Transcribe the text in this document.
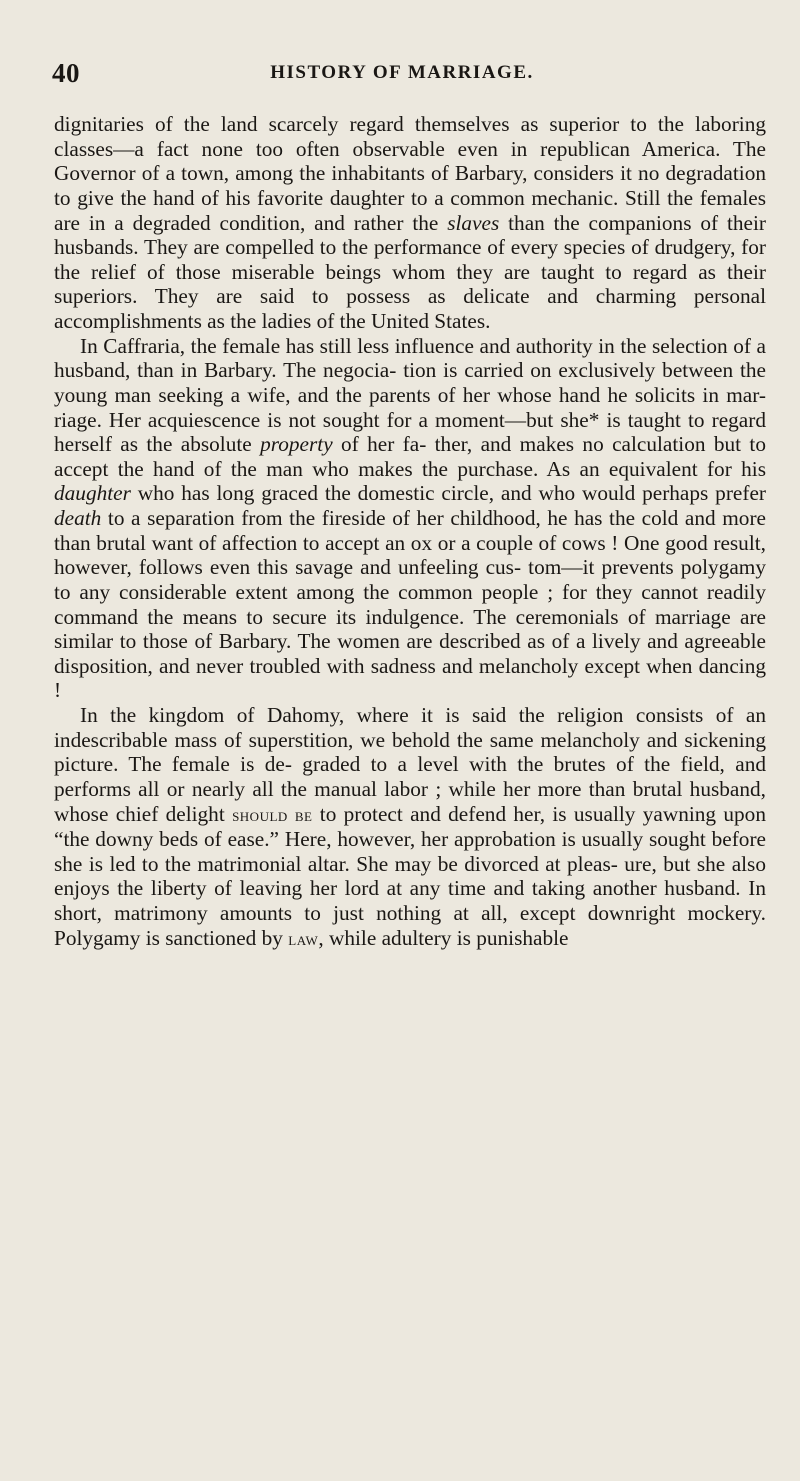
40	HISTORY OF MARRIAGE.

dignitaries of the land scarcely regard themselves as superior to the laboring classes—a fact none too often observable even in republican America. The Governor of a town, among the inhabitants of Barbary, considers it no degradation to give the hand of his favorite daughter to a common mechanic. Still the females are in a degraded condition, and rather the slaves than the companions of their husbands. They are compelled to the performance of every species of drudgery, for the relief of those miserable beings whom they are taught to regard as their superiors. They are said to possess as delicate and charming personal accomplishments as the ladies of the United States.

In Caffraria, the female has still less influence and authority in the selection of a husband, than in Barbary. The negocia- tion is carried on exclusively between the young man seeking a wife, and the parents of her whose hand he solicits in mar- riage. Her acquiescence is not sought for a moment—but she* is taught to regard herself as the absolute property of her fa- ther, and makes no calculation but to accept the hand of the man who makes the purchase. As an equivalent for his daughter who has long graced the domestic circle, and who would perhaps prefer death to a separation from the fireside of her childhood, he has the cold and more than brutal want of affection to accept an ox or a couple of cows ! One good result, however, follows even this savage and unfeeling cus- tom—it prevents polygamy to any considerable extent among the common people ; for they cannot readily command the means to secure its indulgence. The ceremonials of marriage are similar to those of Barbary. The women are described as of a lively and agreeable disposition, and never troubled with sadness and melancholy except when dancing !

In the kingdom of Dahomy, where it is said the religion consists of an indescribable mass of superstition, we behold the same melancholy and sickening picture. The female is de- graded to a level with the brutes of the field, and performs all or nearly all the manual labor ; while her more than brutal husband, whose chief delight should be to protect and defend her, is usually yawning upon “the downy beds of ease.” Here, however, her approbation is usually sought before she is led to the matrimonial altar. She may be divorced at pleas- ure, but she also enjoys the liberty of leaving her lord at any time and taking another husband. In short, matrimony amounts to just nothing at all, except downright mockery. Polygamy is sanctioned by law, while adultery is punishable
